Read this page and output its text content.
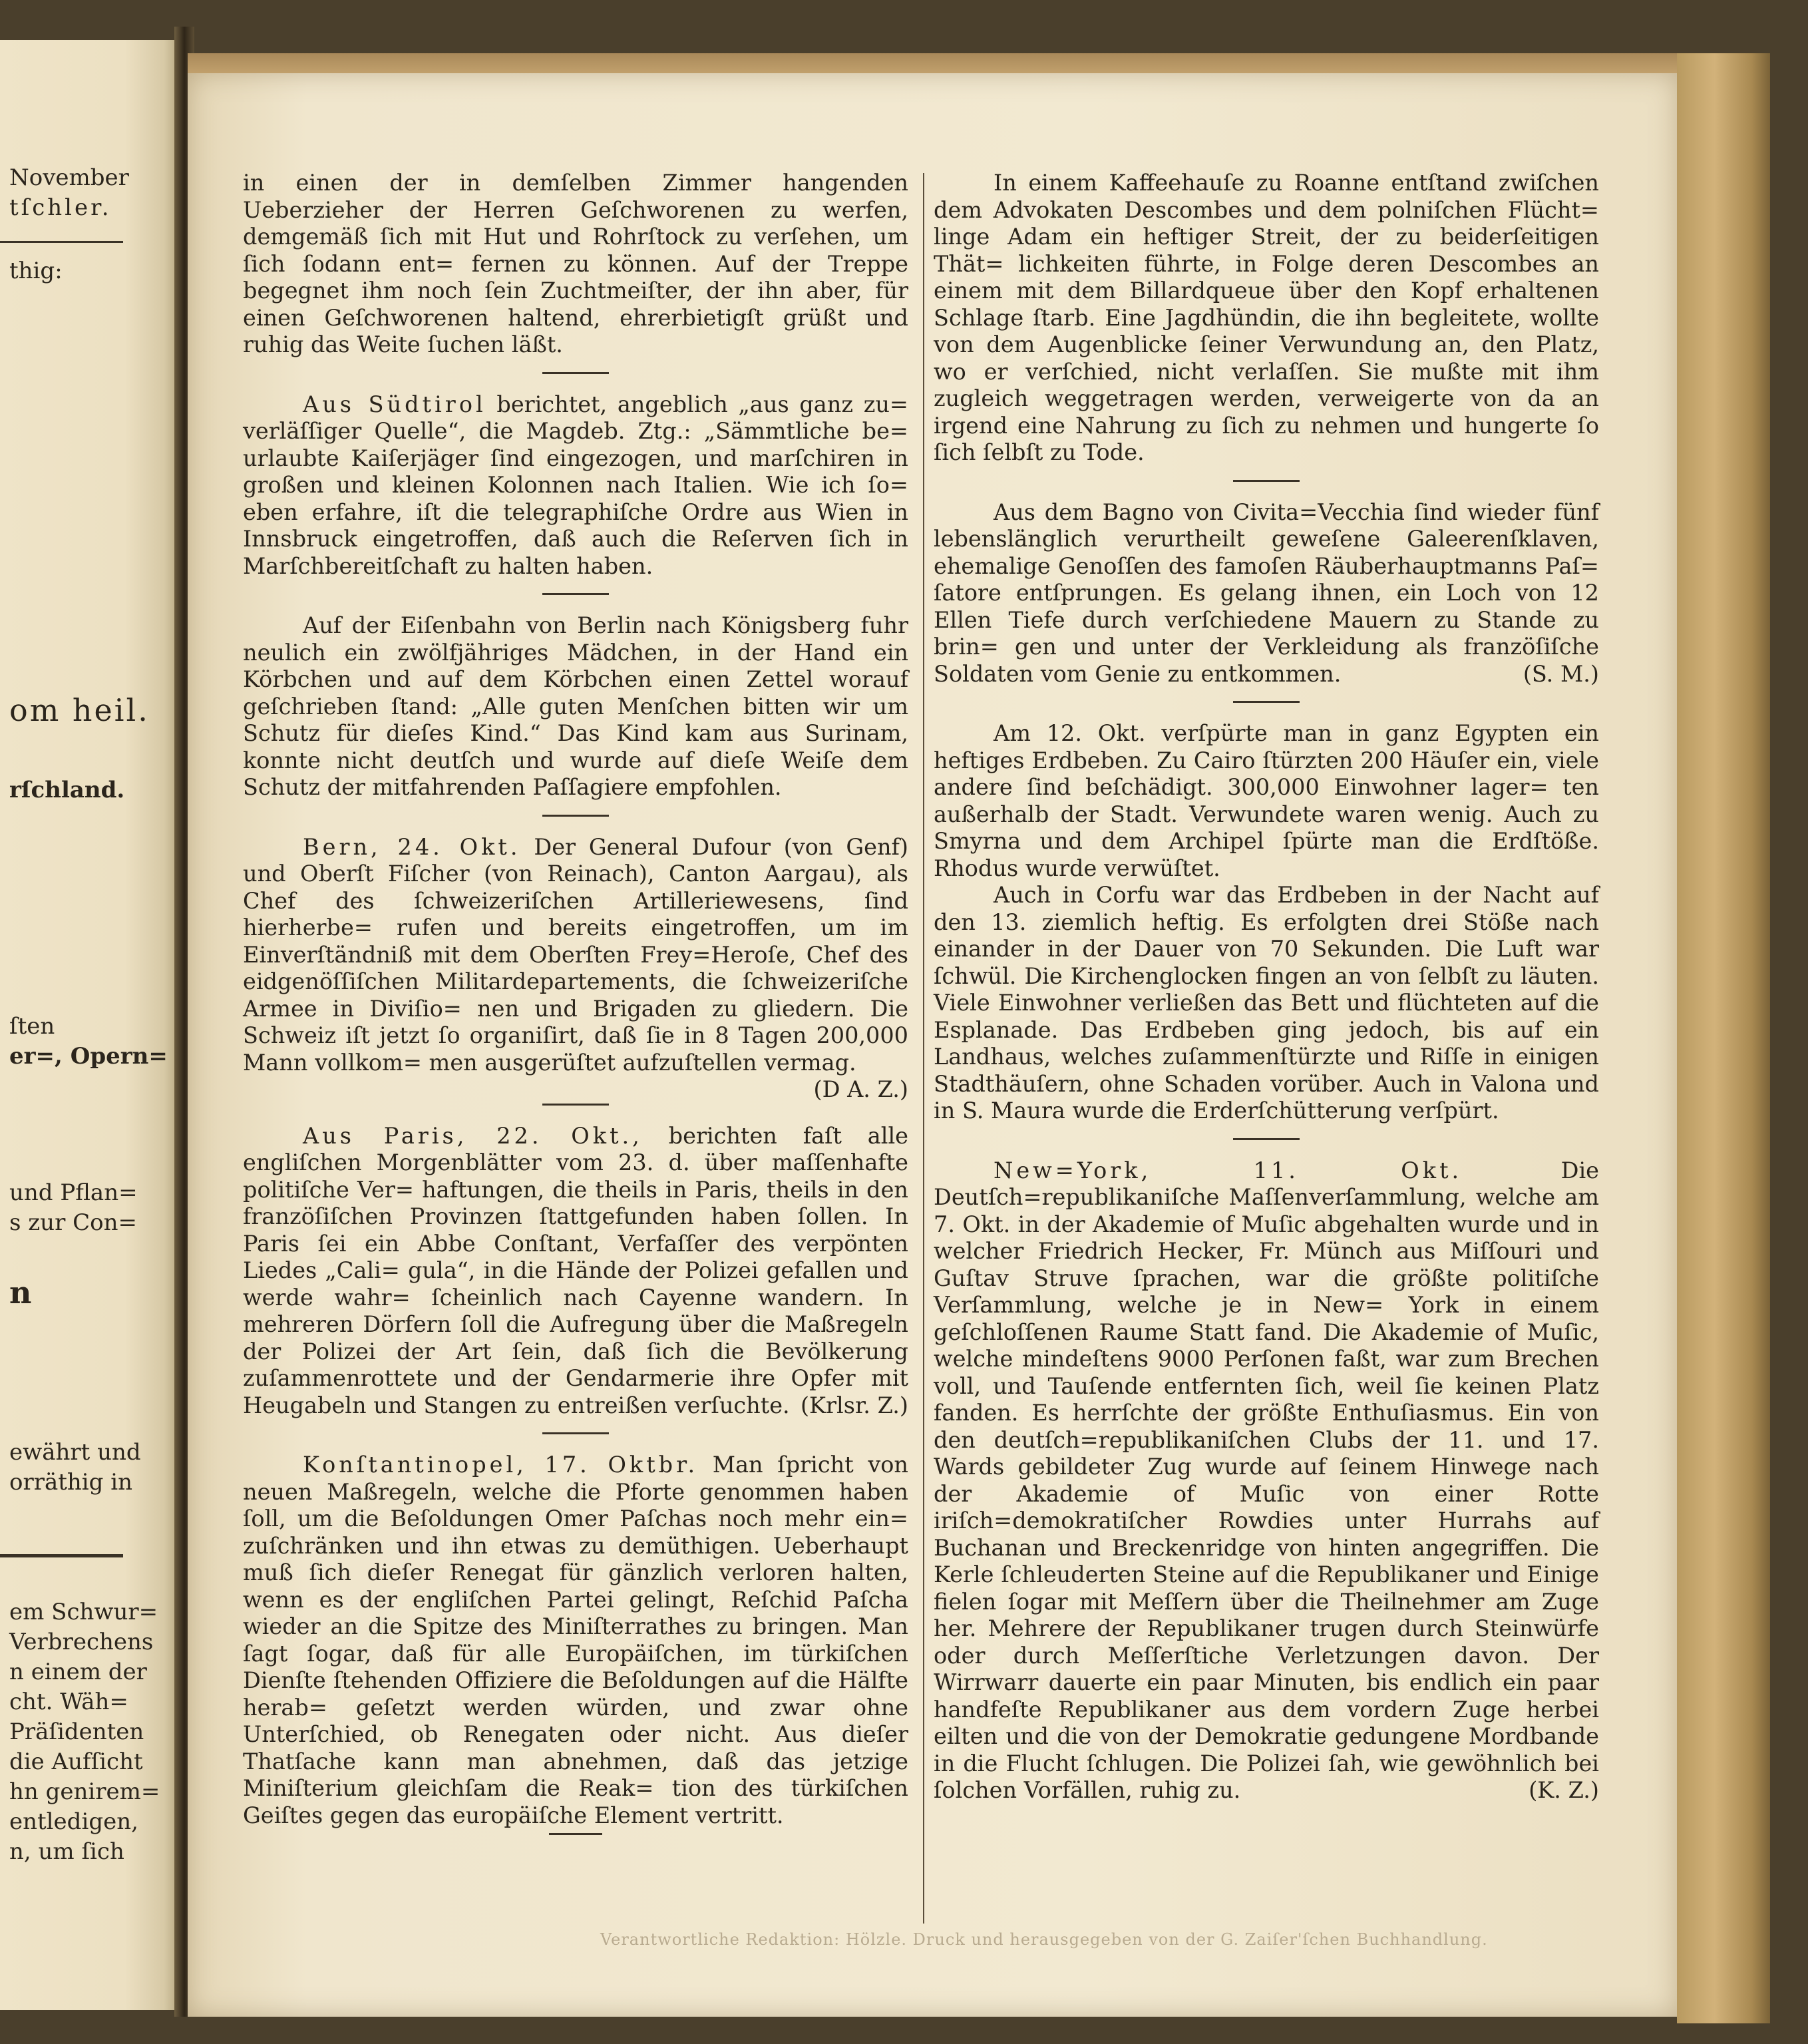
November
tſchler.
thig:
om heil.
rſchland.
ſten
er=, Opern=
und Pflan=
s zur Con=
n
ewährt und
orräthig in
em Schwur=
Verbrechens
n einem der
cht. Wäh=
Präſidenten
die Aufſicht
hn genirem=
entledigen,
n, um ſich

in einen der in demſelben Zimmer hangenden Ueberzieher der Herren Geſchworenen zu werfen, demgemäß ſich mit Hut und Rohrſtock zu verſehen, um ſich ſodann ent= fernen zu können. Auf der Treppe begegnet ihm noch ſein Zuchtmeiſter, der ihn aber, für einen Geſchworenen haltend, ehrerbietigſt grüßt und ruhig das Weite ſuchen läßt.

Aus Südtirol berichtet, angeblich „aus ganz zu= verläſſiger Quelle“, die Magdeb. Ztg.: „Sämmtliche be= urlaubte Kaiſerjäger ſind eingezogen, und marſchiren in großen und kleinen Kolonnen nach Italien. Wie ich ſo= eben erfahre, iſt die telegraphiſche Ordre aus Wien in Innsbruck eingetroffen, daß auch die Reſerven ſich in Marſchbereitſchaft zu halten haben.

Auf der Eiſenbahn von Berlin nach Königsberg fuhr neulich ein zwölfjähriges Mädchen, in der Hand ein Körbchen und auf dem Körbchen einen Zettel worauf geſchrieben ſtand: „Alle guten Menſchen bitten wir um Schutz für dieſes Kind.“ Das Kind kam aus Surinam, konnte nicht deutſch und wurde auf dieſe Weiſe dem Schutz der mitfahrenden Paſſagiere empfohlen.

Bern, 24. Okt. Der General Dufour (von Genf) und Oberſt Fiſcher (von Reinach), Canton Aargau), als Chef des ſchweizeriſchen Artilleriewesens, ſind hierherbe= rufen und bereits eingetroffen, um im Einverſtändniß mit dem Oberſten Frey=Heroſe, Chef des eidgenöſſiſchen Militardepartements, die ſchweizeriſche Armee in Diviſio= nen und Brigaden zu gliedern. Die Schweiz iſt jetzt ſo organiſirt, daß ſie in 8 Tagen 200,000 Mann vollkom= men ausgerüſtet aufzuſtellen vermag.
(D A. Z.)

Aus Paris, 22. Okt., berichten faſt alle engliſchen Morgenblätter vom 23. d. über maſſenhafte politiſche Ver= haftungen, die theils in Paris, theils in den franzöſiſchen Provinzen ſtattgefunden haben ſollen. In Paris ſei ein Abbe Conſtant, Verfaſſer des verpönten Liedes „Cali= gula“, in die Hände der Polizei gefallen und werde wahr= ſcheinlich nach Cayenne wandern. In mehreren Dörfern ſoll die Aufregung über die Maßregeln der Polizei der Art ſein, daß ſich die Bevölkerung zuſammenrottete und der Gendarmerie ihre Opfer mit Heugabeln und Stangen zu entreißen verſuchte. (Krlsr. Z.)

Konſtantinopel, 17. Oktbr. Man ſpricht von neuen Maßregeln, welche die Pforte genommen haben ſoll, um die Beſoldungen Omer Paſchas noch mehr ein= zuſchränken und ihn etwas zu demüthigen. Ueberhaupt muß ſich dieſer Renegat für gänzlich verloren halten, wenn es der engliſchen Partei gelingt, Reſchid Paſcha wieder an die Spitze des Miniſterrathes zu bringen. Man ſagt ſogar, daß für alle Europäiſchen, im türkiſchen Dienſte ſtehenden Offiziere die Beſoldungen auf die Hälfte herab= geſetzt werden würden, und zwar ohne Unterſchied, ob Renegaten oder nicht. Aus dieſer Thatſache kann man abnehmen, daß das jetzige Miniſterium gleichſam die Reak= tion des türkiſchen Geiſtes gegen das europäiſche Element vertritt.

In einem Kaffeehauſe zu Roanne entſtand zwiſchen dem Advokaten Descombes und dem polniſchen Flücht= linge Adam ein heftiger Streit, der zu beiderſeitigen Thät= lichkeiten führte, in Folge deren Descombes an einem mit dem Billardqueue über den Kopf erhaltenen Schlage ſtarb. Eine Jagdhündin, die ihn begleitete, wollte von dem Augenblicke ſeiner Verwundung an, den Platz, wo er verſchied, nicht verlaſſen. Sie mußte mit ihm zugleich weggetragen werden, verweigerte von da an irgend eine Nahrung zu ſich zu nehmen und hungerte ſo ſich ſelbſt zu Tode.

Aus dem Bagno von Civita=Vecchia ſind wieder fünf lebenslänglich verurtheilt geweſene Galeerenſklaven, ehemalige Genoſſen des famoſen Räuberhauptmanns Paſ= ſatore entſprungen. Es gelang ihnen, ein Loch von 12 Ellen Tiefe durch verſchiedene Mauern zu Stande zu brin= gen und unter der Verkleidung als franzöſiſche Soldaten vom Genie zu entkommen.	(S. M.)

Am 12. Okt. verſpürte man in ganz Egypten ein heftiges Erdbeben. Zu Cairo ſtürzten 200 Häuſer ein, viele andere ſind beſchädigt. 300,000 Einwohner lager= ten außerhalb der Stadt. Verwundete waren wenig. Auch zu Smyrna und dem Archipel ſpürte man die Erdſtöße. Rhodus wurde verwüſtet.

Auch in Corfu war das Erdbeben in der Nacht auf den 13. ziemlich heftig. Es erfolgten drei Stöße nach einander in der Dauer von 70 Sekunden. Die Luft war ſchwül. Die Kirchenglocken fingen an von ſelbſt zu läuten. Viele Einwohner verließen das Bett und flüchteten auf die Esplanade. Das Erdbeben ging jedoch, bis auf ein Landhaus, welches zuſammenſtürzte und Riſſe in einigen Stadthäuſern, ohne Schaden vorüber. Auch in Valona und in S. Maura wurde die Erderſchütterung verſpürt.

New=York, 11. Okt. Die Deutſch=republikaniſche Maſſenverſammlung, welche am 7. Okt. in der Akademie of Muſic abgehalten wurde und in welcher Friedrich Hecker, Fr. Münch aus Miſſouri und Guſtav Struve ſprachen, war die größte politiſche Verſammlung, welche je in New= York in einem geſchloſſenen Raume Statt fand. Die Akademie of Muſic, welche mindeſtens 9000 Perſonen faßt, war zum Brechen voll, und Tauſende entfernten ſich, weil ſie keinen Platz fanden. Es herrſchte der größte Enthuſiasmus. Ein von den deutſch=republikaniſchen Clubs der 11. und 17. Wards gebildeter Zug wurde auf ſeinem Hinwege nach der Akademie of Muſic von einer Rotte iriſch=demokratiſcher Rowdies unter Hurrahs auf Buchanan und Breckenridge von hinten angegriffen. Die Kerle ſchleuderten Steine auf die Republikaner und Einige fielen ſogar mit Meſſern über die Theilnehmer am Zuge her. Mehrere der Republikaner trugen durch Steinwürfe oder durch Meſſerſtiche Verletzungen davon. Der Wirrwarr dauerte ein paar Minuten, bis endlich ein paar handfeſte Republikaner aus dem vordern Zuge herbei eilten und die von der Demokratie gedungene Mordbande in die Flucht ſchlugen. Die Polizei ſah, wie gewöhnlich bei ſolchen Vorfällen, ruhig zu.	(K. Z.)

Verantwortliche Redaktion: Hölzle. Druck und herausgegeben von der G. Zaiſer'ſchen Buchhandlung.
